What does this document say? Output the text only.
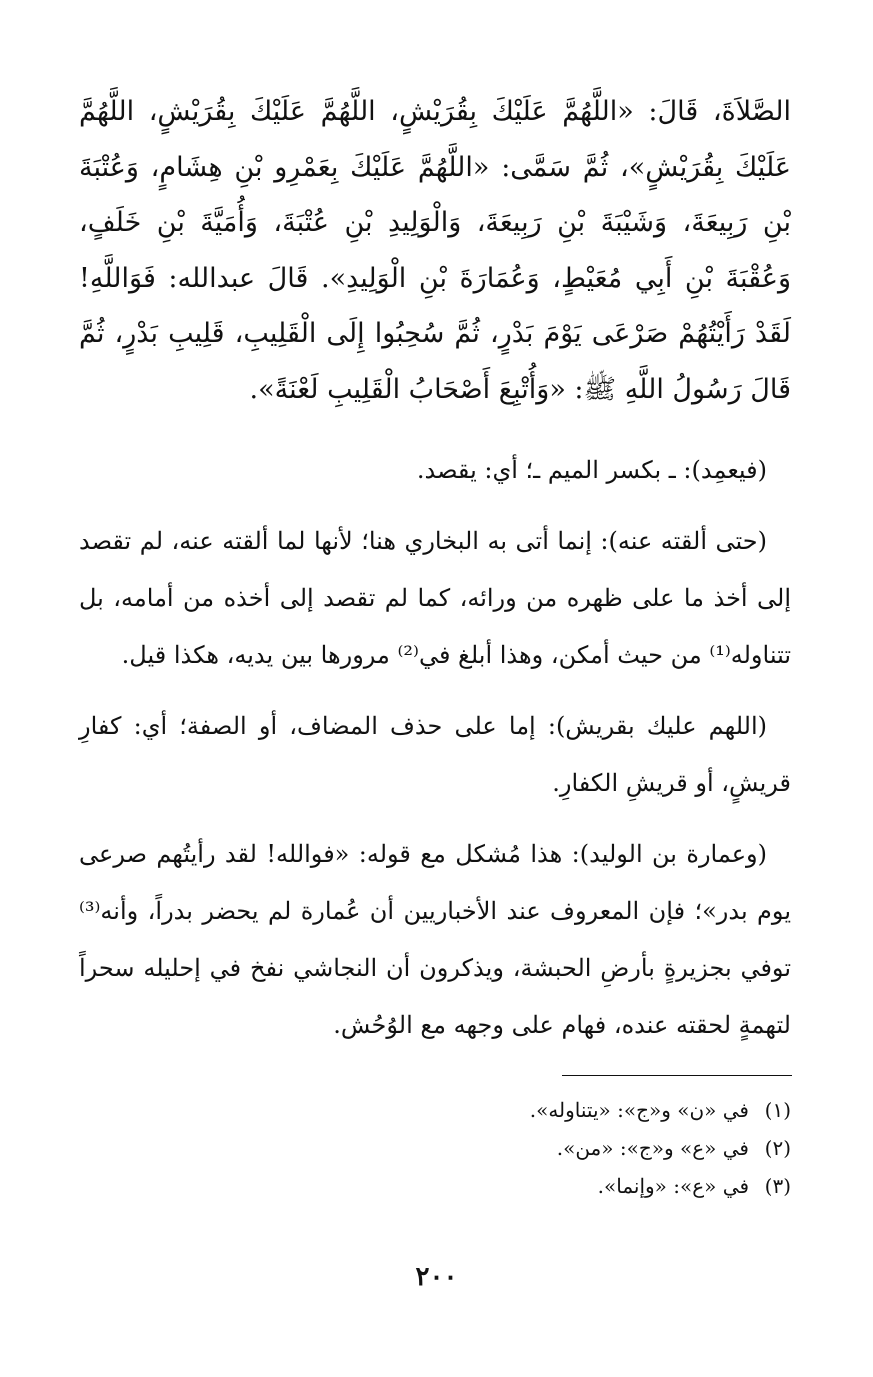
الصَّلاَةَ، قَالَ: «اللَّهُمَّ عَلَيْكَ بِقُرَيْشٍ، اللَّهُمَّ عَلَيْكَ بِقُرَيْشٍ، اللَّهُمَّ عَلَيْكَ بِقُرَيْشٍ»، ثُمَّ سَمَّى: «اللَّهُمَّ عَلَيْكَ بِعَمْرِو بْنِ هِشَامٍ، وَعُتْبَةَ بْنِ رَبِيعَةَ، وَشَيْبَةَ بْنِ رَبِيعَةَ، وَالْوَلِيدِ بْنِ عُتْبَةَ، وَأُمَيَّةَ بْنِ خَلَفٍ، وَعُقْبَةَ بْنِ أَبِي مُعَيْطٍ، وَعُمَارَةَ بْنِ الْوَلِيدِ». قَالَ عبدالله: فَوَاللَّهِ! لَقَدْ رَأَيْتُهُمْ صَرْعَى يَوْمَ بَدْرٍ، ثُمَّ سُحِبُوا إِلَى الْقَلِيبِ، قَلِيبِ بَدْرٍ، ثُمَّ قَالَ رَسُولُ اللَّهِ ﷺ: «وَأُتْبِعَ أَصْحَابُ الْقَلِيبِ لَعْنَةً».

(فيعمِد): ـ بكسر الميم ـ؛ أي: يقصد.

(حتى ألقته عنه): إنما أتى به البخاري هنا؛ لأنها لما ألقته عنه، لم تقصد إلى أخذ ما على ظهره من ورائه، كما لم تقصد إلى أخذه من أمامه، بل تتناوله⁽¹⁾ من حيث أمكن، وهذا أبلغ في⁽²⁾ مرورها بين يديه، هكذا قيل.

(اللهم عليك بقريش): إما على حذف المضاف، أو الصفة؛ أي: كفارِ قريشٍ، أو قريشِ الكفارِ.

(وعمارة بن الوليد): هذا مُشكل مع قوله: «فوالله! لقد رأيتُهم صرعى يوم بدر»؛ فإن المعروف عند الأخباريين أن عُمارة لم يحضر بدراً، وأنه⁽³⁾ توفي بجزيرةٍ بأرضِ الحبشة، ويذكرون أن النجاشي نفخ في إحليله سحراً لتهمةٍ لحقته عنده، فهام على وجهه مع الوُحُش.

(١)في «ن» و«ج»: «يتناوله».
(٢)في «ع» و«ج»: «من».
(٣)في «ع»: «وإنما».
٢٠٠
